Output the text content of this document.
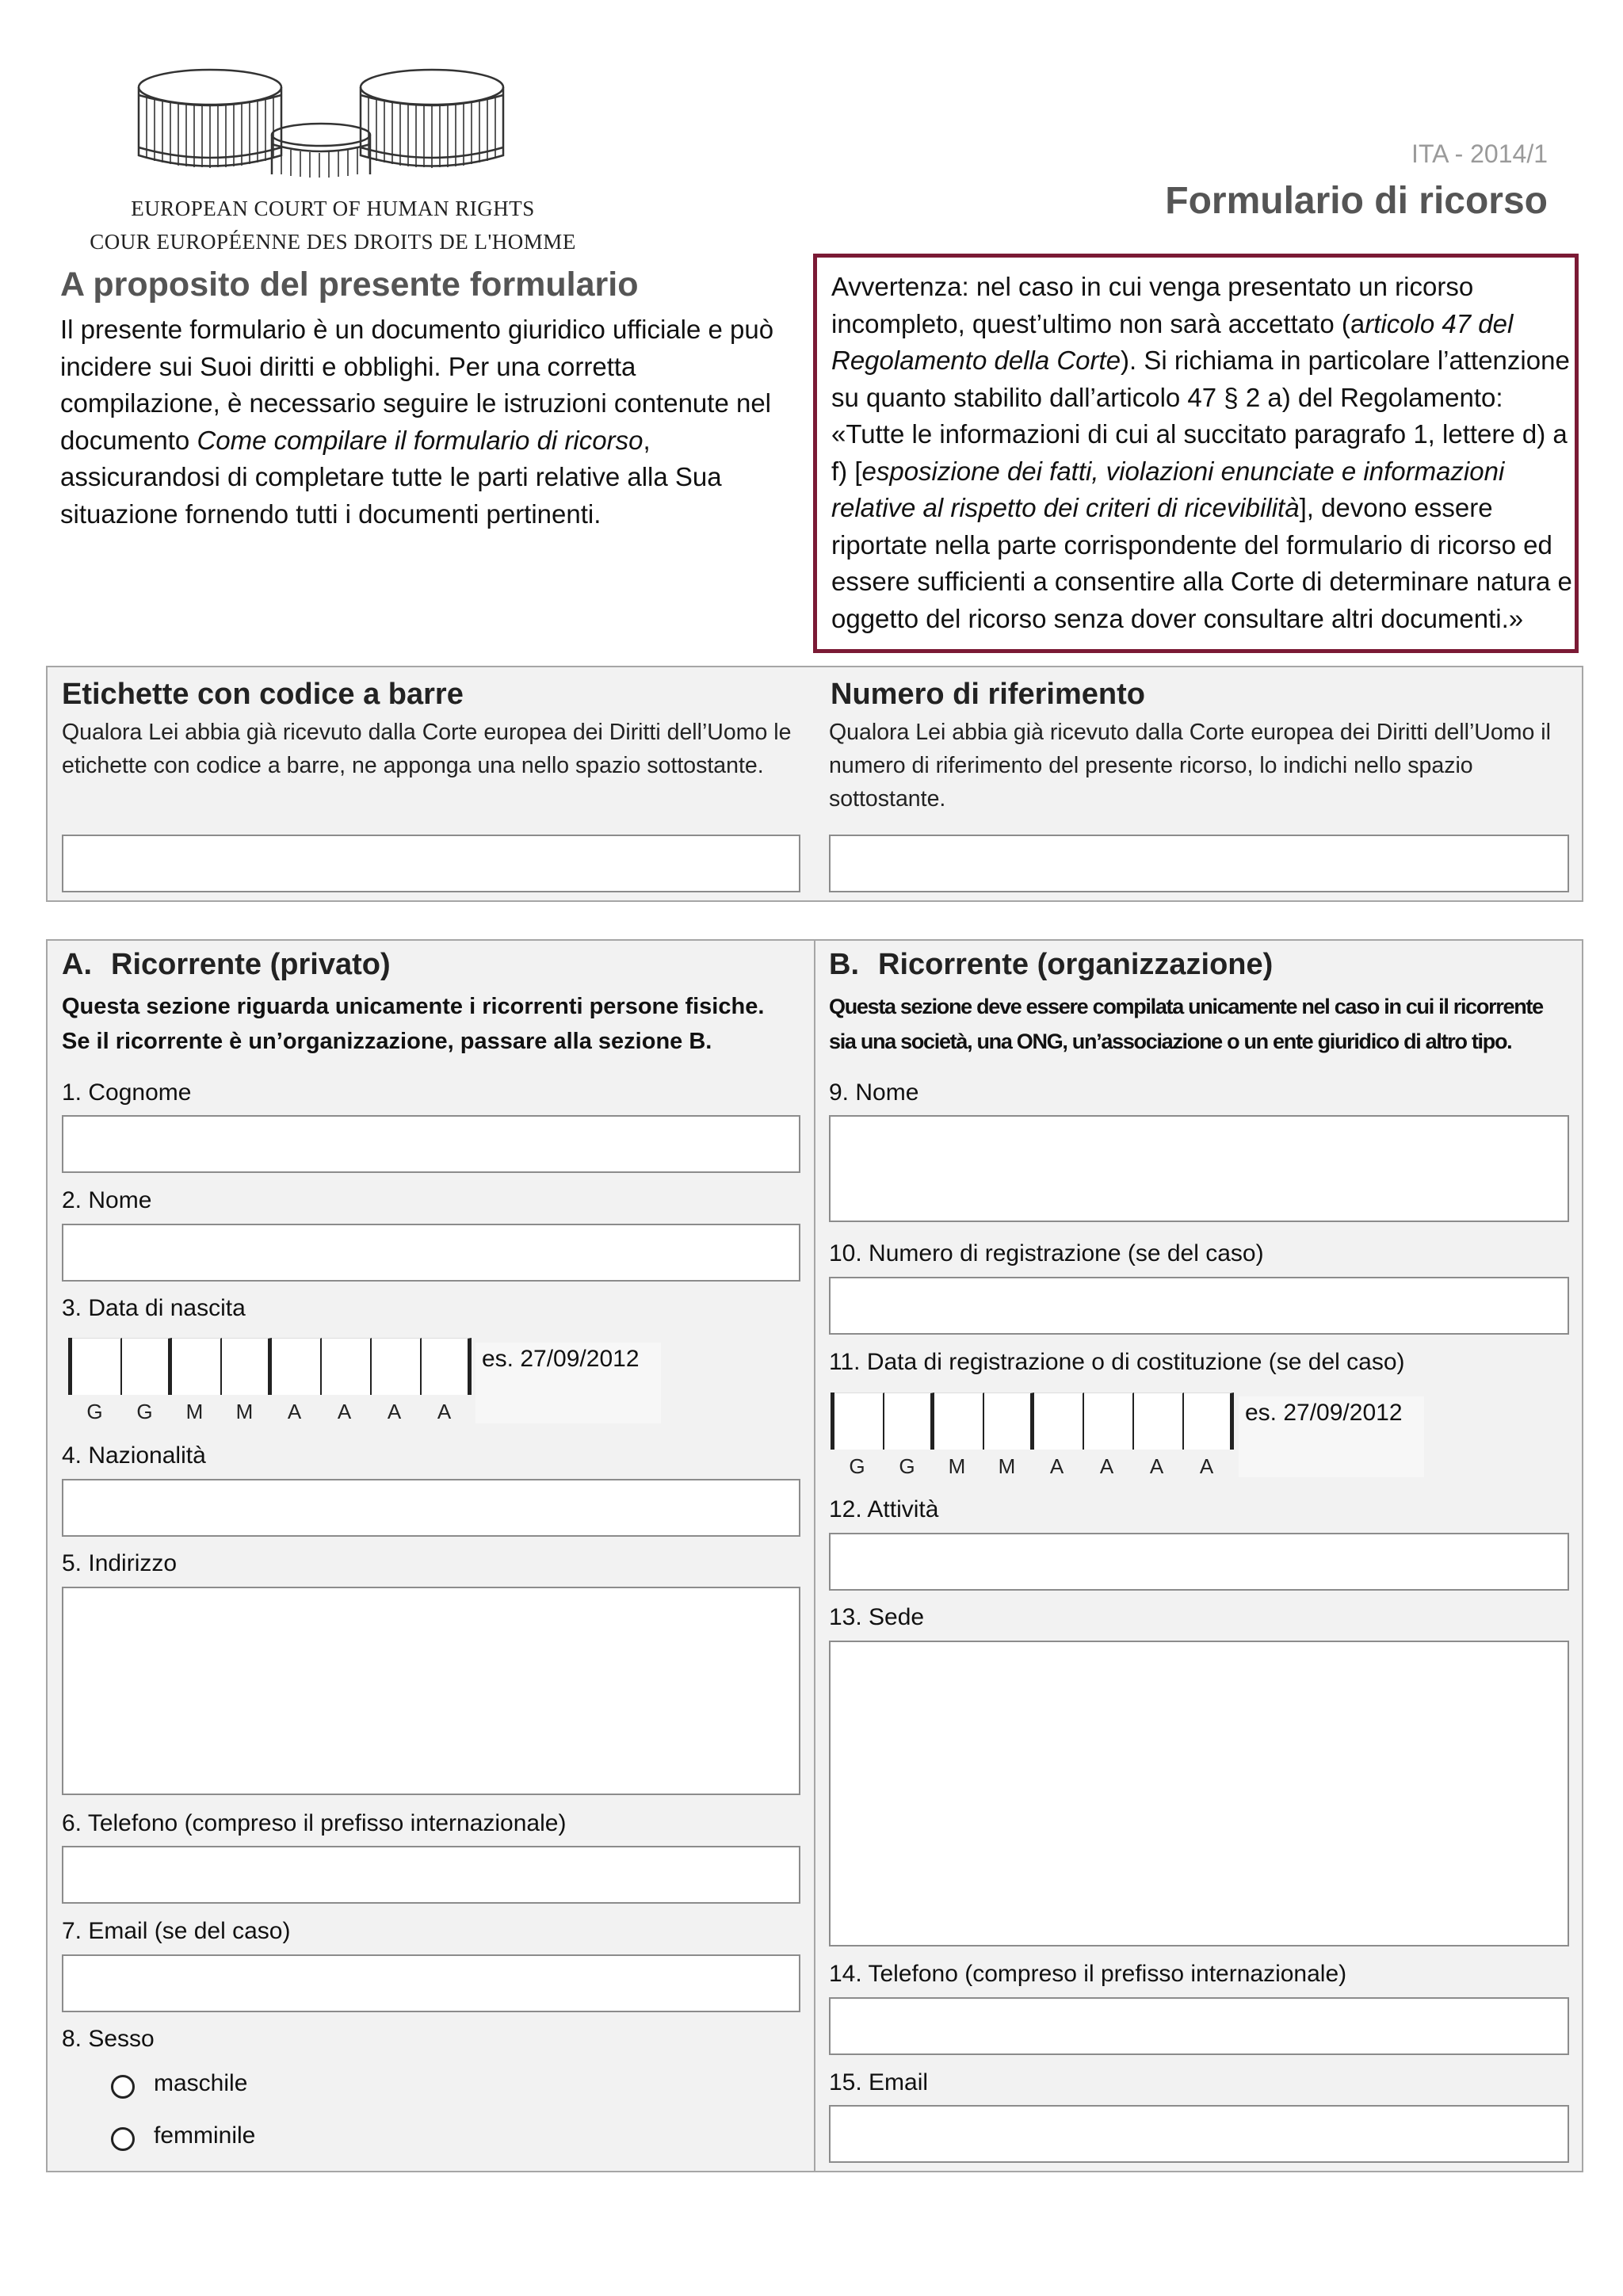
EUROPEAN COURT OF HUMAN RIGHTS
COUR EUROPÉENNE DES DROITS DE L'HOMME
ITA - 2014/1
Formulario di ricorso
A proposito del presente formulario
Il presente formulario è un documento giuridico ufficiale e può incidere sui Suoi diritti e obblighi. Per una corretta compilazione, è necessario seguire le istruzioni contenute nel documento Come compilare il formulario di ricorso, assicurandosi di completare tutte le parti relative alla Sua situazione fornendo tutti i documenti pertinenti.
Avvertenza: nel caso in cui venga presentato un ricorso incompleto, quest’ultimo non sarà accettato (articolo 47 del Regolamento della Corte). Si richiama in particolare l’attenzione su quanto stabilito dall’articolo 47 § 2 a) del Regolamento: «Tutte le informazioni di cui al succitato paragrafo 1, lettere d) a f) [esposizione dei fatti, violazioni enunciate e informazioni relative al rispetto dei criteri di ricevibilità], devono essere riportate nella parte corrispondente del formulario di ricorso ed essere sufficienti a consentire alla Corte di determinare natura e oggetto del ricorso senza dover consultare altri documenti.»
Etichette con codice a barre
Qualora Lei abbia già ricevuto dalla Corte europea dei Diritti dell’Uomo le etichette con codice a barre, ne apponga una nello spazio sottostante.
Numero di riferimento
Qualora Lei abbia già ricevuto dalla Corte europea dei Diritti dell’Uomo il numero di riferimento del presente ricorso, lo indichi nello spazio sottostante.
A. Ricorrente (privato)
Questa sezione riguarda unicamente i ricorrenti persone fisiche.
Se il ricorrente è un’organizzazione, passare alla sezione B.
1. Cognome
2. Nome
3. Data di nascita
es. 27/09/2012
G	G	M	M	A	A	A	A
4. Nazionalità
5. Indirizzo
6. Telefono (compreso il prefisso internazionale)
7. Email (se del caso)
8. Sesso
maschile
femminile
B. Ricorrente (organizzazione)
Questa sezione deve essere compilata unicamente nel caso in cui il ricorrente
sia una società, una ONG, un’associazione o un ente giuridico di altro tipo.
9. Nome
10. Numero di registrazione (se del caso)
11. Data di registrazione o di costituzione (se del caso)
es. 27/09/2012
G	G	M	M	A	A	A	A
12. Attività
13. Sede
14. Telefono (compreso il prefisso internazionale)
15. Email
